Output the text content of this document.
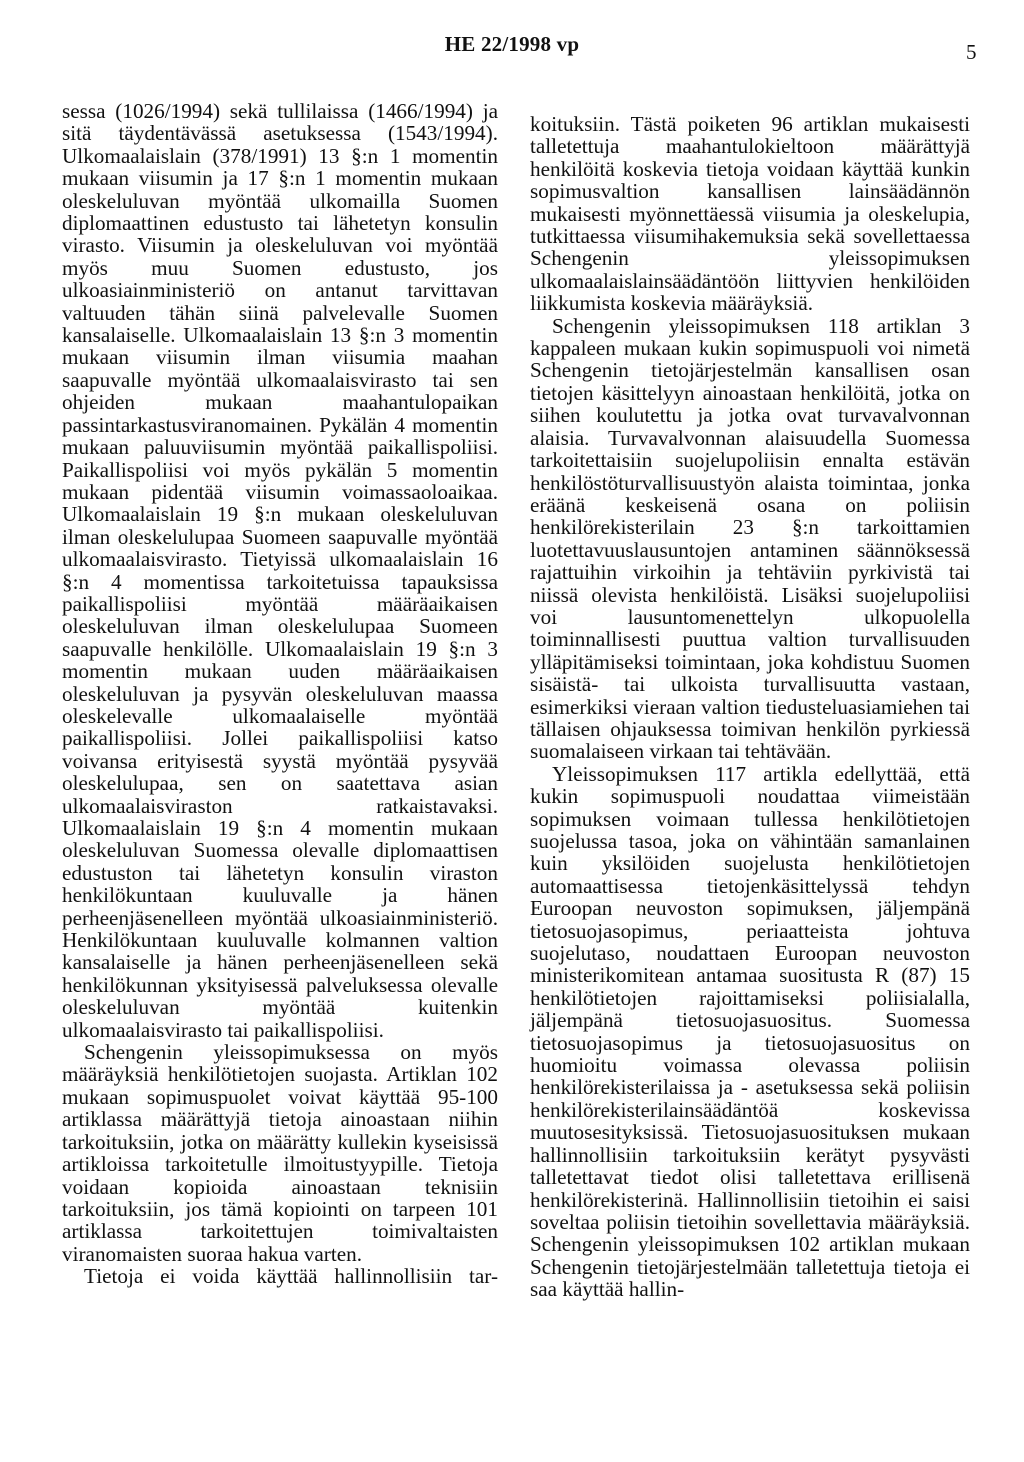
HE 22/1998 vp	5

sessa (1026/1994) sekä tullilaissa (1466/1994) ja sitä täydentävässä asetuksessa (1543/1994). Ulkomaalaislain (378/1991) 13 §:n 1 momentin mukaan viisumin ja 17 §:n 1 momentin mukaan oleskeluluvan myöntää ulkomailla Suomen diplomaattinen edustusto tai lähetetyn konsulin virasto. Viisumin ja oleskeluluvan voi myöntää myös muu Suomen edustusto, jos ulkoasiainministeriö on antanut tarvittavan valtuuden tähän siinä palvelevalle Suomen kansalaiselle. Ulkomaalaislain 13 §:n 3 momentin mukaan viisumin ilman viisumia maahan saapuvalle myöntää ulkomaalaisvirasto tai sen ohjeiden mukaan maahantulopaikan passintarkastusviranomainen. Pykälän 4 momentin mukaan paluuviisumin myöntää paikallispoliisi. Paikallispoliisi voi myös pykälän 5 momentin mukaan pidentää viisumin voimassaoloaikaa. Ulkomaalaislain 19 §:n mukaan oleskeluluvan ilman oleskelulupaa Suomeen saapuvalle myöntää ulkomaalaisvirasto. Tietyissä ulkomaalaislain 16 §:n 4 momentissa tarkoitetuissa tapauksissa paikallispoliisi myöntää määräaikaisen oleskeluluvan ilman oleskelulupaa Suomeen saapuvalle henkilölle. Ulkomaalaislain 19 §:n 3 momentin mukaan uuden määräaikaisen oleskeluluvan ja pysyvän oleskeluluvan maassa oleskelevalle ulkomaalaiselle myöntää paikallispoliisi. Jollei paikallispoliisi katso voivansa erityisestä syystä myöntää pysyvää oleskelulupaa, sen on saatettava asian ulkomaalaisviraston ratkaistavaksi. Ulkomaalaislain 19 §:n 4 momentin mukaan oleskeluluvan Suomessa olevalle diplomaattisen edustuston tai lähetetyn konsulin viraston henkilökuntaan kuuluvalle ja hänen perheenjäsenelleen myöntää ulkoasiainministeriö. Henkilökuntaan kuuluvalle kolmannen valtion kansalaiselle ja hänen perheenjäsenelleen sekä henkilökunnan yksityisessä palveluksessa olevalle oleskeluluvan myöntää kuitenkin ulkomaalaisvirasto tai paikallispoliisi.

Schengenin yleissopimuksessa on myös määräyksiä henkilötietojen suojasta. Artiklan 102 mukaan sopimuspuolet voivat käyttää 95-100 artiklassa määrättyjä tietoja ainoastaan niihin tarkoituksiin, jotka on määrätty kullekin kyseisissä artikloissa tarkoitetulle ilmoitustyypille. Tietoja voidaan kopioida ainoastaan teknisiin tarkoituksiin, jos tämä kopiointi on tarpeen 101 artiklassa tarkoitettujen toimivaltaisten viranomaisten suoraa hakua varten.

Tietoja ei voida käyttää hallinnollisiin tar-

koituksiin. Tästä poiketen 96 artiklan mukaisesti talletettuja maahantulokieltoon määrättyjä henkilöitä koskevia tietoja voidaan käyttää kunkin sopimusvaltion kansallisen lainsäädännön mukaisesti myönnettäessä viisumia ja oleskelupia, tutkittaessa viisumihakemuksia sekä sovellettaessa Schengenin yleissopimuksen ulkomaalaislainsäädäntöön liittyvien henkilöiden liikkumista koskevia määräyksiä.

Schengenin yleissopimuksen 118 artiklan 3 kappaleen mukaan kukin sopimuspuoli voi nimetä Schengenin tietojärjestelmän kansallisen osan tietojen käsittelyyn ainoastaan henkilöitä, jotka on siihen koulutettu ja jotka ovat turvavalvonnan alaisia. Turvavalvonnan alaisuudella Suomessa tarkoitettaisiin suojelupoliisin ennalta estävän henkilöstöturvallisuustyön alaista toimintaa, jonka eräänä keskeisenä osana on poliisin henkilörekisterilain 23 §:n tarkoittamien luotettavuuslausuntojen antaminen säännöksessä rajattuihin virkoihin ja tehtäviin pyrkivistä tai niissä olevista henkilöistä. Lisäksi suojelupoliisi voi lausuntomenettelyn ulkopuolella toiminnallisesti puuttua valtion turvallisuuden ylläpitämiseksi toimintaan, joka kohdistuu Suomen sisäistä- tai ulkoista turvallisuutta vastaan, esimerkiksi vieraan valtion tiedusteluasiamiehen tai tällaisen ohjauksessa toimivan henkilön pyrkiessä suomalaiseen virkaan tai tehtävään.

Yleissopimuksen 117 artikla edellyttää, että kukin sopimuspuoli noudattaa viimeistään sopimuksen voimaan tullessa henkilötietojen suojelussa tasoa, joka on vähintään samanlainen kuin yksilöiden suojelusta henkilötietojen automaattisessa tietojenkäsittelyssä tehdyn Euroopan neuvoston sopimuksen, jäljempänä tietosuojasopimus, periaatteista johtuva suojelutaso, noudattaen Euroopan neuvoston ministerikomitean antamaa suositusta R (87) 15 henkilötietojen rajoittamiseksi poliisialalla, jäljempänä tietosuojasuositus. Suomessa tietosuojasopimus ja tietosuojasuositus on huomioitu voimassa olevassa poliisin henkilörekisterilaissa ja - asetuksessa sekä poliisin henkilörekisterilainsäädäntöä koskevissa muutosesityksissä. Tietosuojasuosituksen mukaan hallinnollisiin tarkoituksiin kerätyt pysyvästi talletettavat tiedot olisi talletettava erillisenä henkilörekisterinä. Hallinnollisiin tietoihin ei saisi soveltaa poliisin tietoihin sovellettavia määräyksiä. Schengenin yleissopimuksen 102 artiklan mukaan Schengenin tietojärjestelmään talletettuja tietoja ei saa käyttää hallin-
